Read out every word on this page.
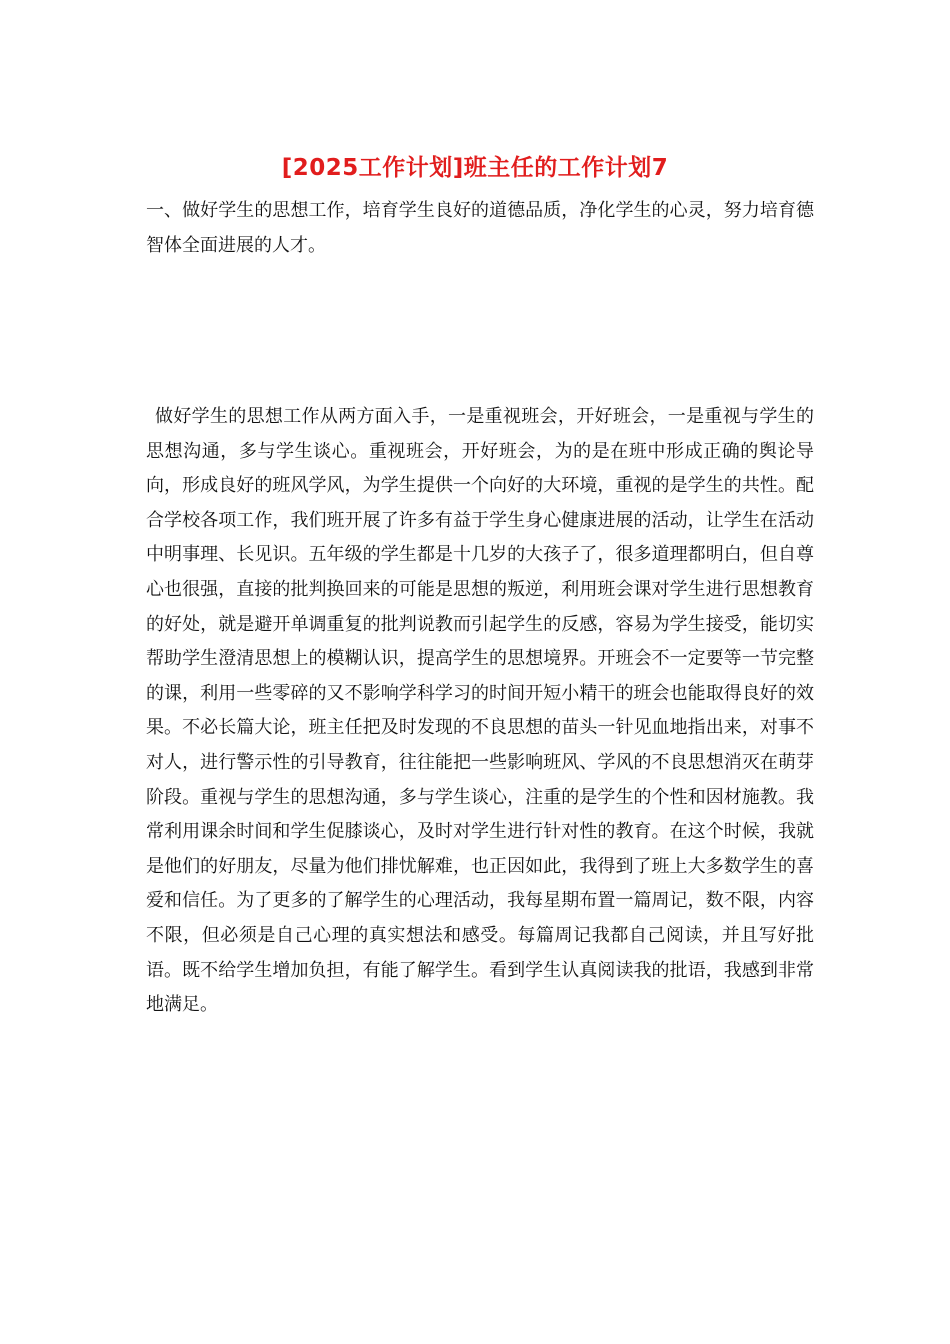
[2025工作计划]班主任的工作计划7
一、做好学生的思想工作，培育学生良好的道德品质，净化学生的心灵，努力培育德智体全面进展的人才。
做好学生的思想工作从两方面入手，一是重视班会，开好班会，一是重视与学生的思想沟通，多与学生谈心。重视班会，开好班会，为的是在班中形成正确的舆论导向，形成良好的班风学风，为学生提供一个向好的大环境，重视的是学生的共性。配合学校各项工作，我们班开展了许多有益于学生身心健康进展的活动，让学生在活动中明事理、长见识。五年级的学生都是十几岁的大孩子了，很多道理都明白，但自尊心也很强，直接的批判换回来的可能是思想的叛逆，利用班会课对学生进行思想教育的好处，就是避开单调重复的批判说教而引起学生的反感，容易为学生接受，能切实帮助学生澄清思想上的模糊认识，提高学生的思想境界。开班会不一定要等一节完整的课，利用一些零碎的又不影响学科学习的时间开短小精干的班会也能取得良好的效果。不必长篇大论，班主任把及时发现的不良思想的苗头一针见血地指出来，对事不对人，进行警示性的引导教育，往往能把一些影响班风、学风的不良思想消灭在萌芽阶段。重视与学生的思想沟通，多与学生谈心，注重的是学生的个性和因材施教。我常利用课余时间和学生促膝谈心，及时对学生进行针对性的教育。在这个时候，我就是他们的好朋友，尽量为他们排忧解难，也正因如此，我得到了班上大多数学生的喜爱和信任。为了更多的了解学生的心理活动，我每星期布置一篇周记，数不限，内容不限，但必须是自己心理的真实想法和感受。每篇周记我都自己阅读，并且写好批语。既不给学生增加负担，有能了解学生。看到学生认真阅读我的批语，我感到非常地满足。
